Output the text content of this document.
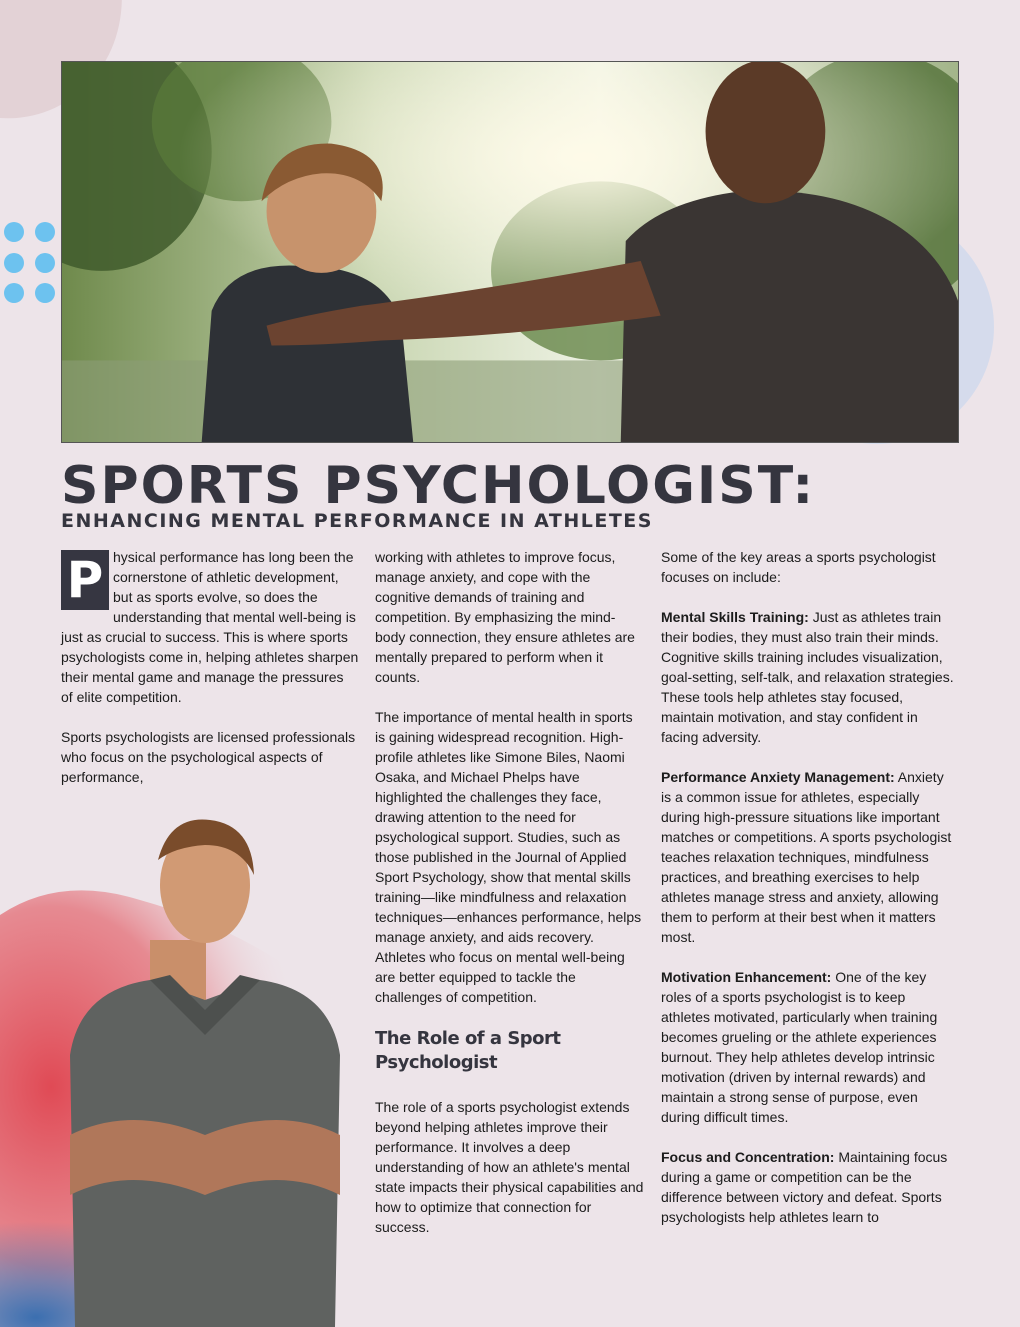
SPORTS PSYCHOLOGIST:
ENHANCING MENTAL PERFORMANCE IN ATHLETES

P hysical performance has long been the cornerstone of athletic development, but as sports evolve, so does the understanding that mental well-being is just as crucial to success. This is where sports psychologists come in, helping athletes sharpen their mental game and manage the pressures of elite competition.

Sports psychologists are licensed professionals who focus on the psychological aspects of performance,

working with athletes to improve focus, manage anxiety, and cope with the cognitive demands of training and competition. By emphasizing the mind-body connection, they ensure athletes are mentally prepared to perform when it counts.

The importance of mental health in sports is gaining widespread recognition. High-profile athletes like Simone Biles, Naomi Osaka, and Michael Phelps have highlighted the challenges they face, drawing attention to the need for psychological support. Studies, such as those published in the Journal of Applied Sport Psychology, show that mental skills training—like mindfulness and relaxation techniques—enhances performance, helps manage anxiety, and aids recovery. Athletes who focus on mental well-being are better equipped to tackle the challenges of competition.

The Role of a Sport Psychologist

The role of a sports psychologist extends beyond helping athletes improve their performance. It involves a deep understanding of how an athlete's mental state impacts their physical capabilities and how to optimize that connection for success.

Some of the key areas a sports psychologist focuses on include:

Mental Skills Training: Just as athletes train their bodies, they must also train their minds. Cognitive skills training includes visualization, goal-setting, self-talk, and relaxation strategies. These tools help athletes stay focused, maintain motivation, and stay confident in facing adversity.

Performance Anxiety Management: Anxiety is a common issue for athletes, especially during high-pressure situations like important matches or competitions. A sports psychologist teaches relaxation techniques, mindfulness practices, and breathing exercises to help athletes manage stress and anxiety, allowing them to perform at their best when it matters most.

Motivation Enhancement: One of the key roles of a sports psychologist is to keep athletes motivated, particularly when training becomes grueling or the athlete experiences burnout. They help athletes develop intrinsic motivation (driven by internal rewards) and maintain a strong sense of purpose, even during difficult times.

Focus and Concentration: Maintaining focus during a game or competition can be the difference between victory and defeat. Sports psychologists help athletes learn to
